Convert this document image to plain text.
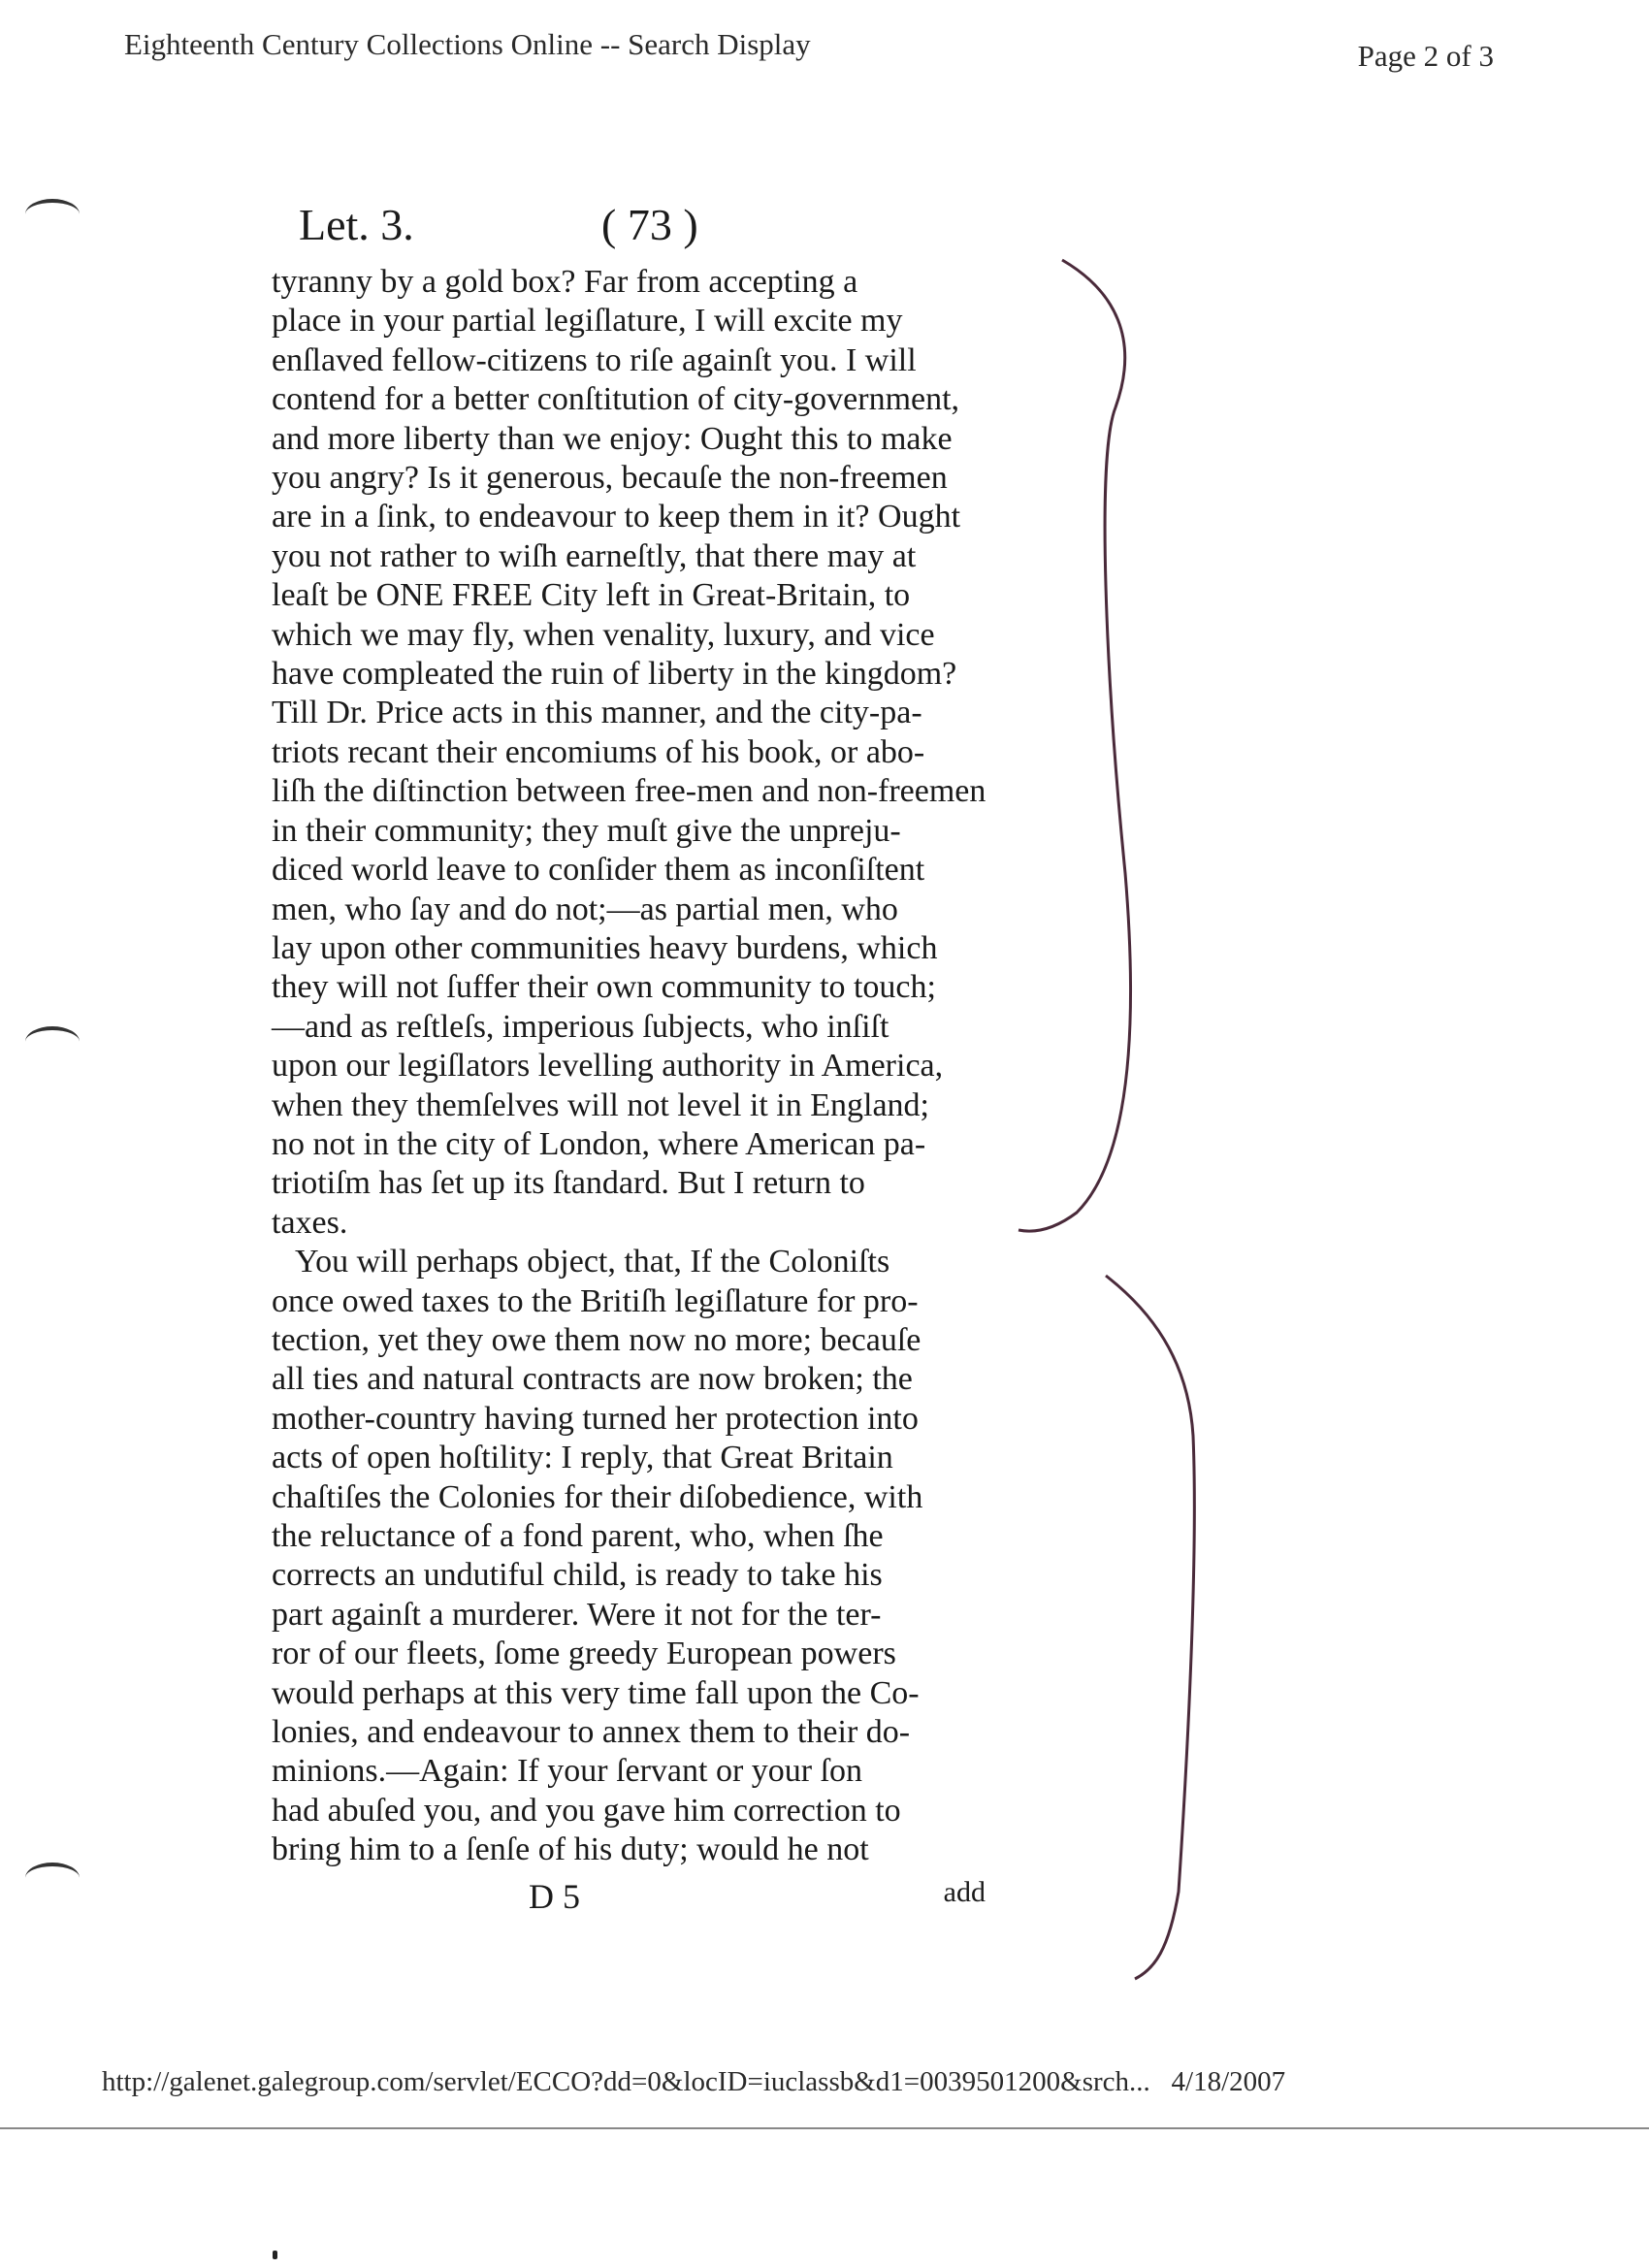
Eighteenth Century Collections Online -- Search Display	Page 2 of 3
Let. 3.	( 73 )
tyranny by a gold box? Far from accepting a
place in your partial legiſlature, I will excite my
enſlaved fellow-citizens to riſe againſt you. I will
contend for a better conſtitution of city-government,
and more liberty than we enjoy: Ought this to make
you angry? Is it generous, becauſe the non-freemen
are in a ſink, to endeavour to keep them in it? Ought
you not rather to wiſh earneſtly, that there may at
leaſt be ONE FREE City left in Great-Britain, to
which we may fly, when venality, luxury, and vice
have compleated the ruin of liberty in the kingdom?
Till Dr. Price acts in this manner, and the city-pa-
triots recant their encomiums of his book, or abo-
liſh the diſtinction between free-men and non-freemen
in their community; they muſt give the unpreju-
diced world leave to conſider them as inconſiſtent
men, who ſay and do not;—as partial men, who
lay upon other communities heavy burdens, which
they will not ſuffer their own community to touch;
—and as reſtleſs, imperious ſubjects, who inſiſt
upon our legiſlators levelling authority in America,
when they themſelves will not level it in England;
no not in the city of London, where American pa-
triotiſm has ſet up its ſtandard. But I return to
taxes.
You will perhaps object, that, If the Coloniſts
once owed taxes to the Britiſh legiſlature for pro-
tection, yet they owe them now no more; becauſe
all ties and natural contracts are now broken; the
mother-country having turned her protection into
acts of open hoſtility: I reply, that Great Britain
chaſtiſes the Colonies for their diſobedience, with
the reluctance of a fond parent, who, when ſhe
corrects an undutiful child, is ready to take his
part againſt a murderer. Were it not for the ter-
ror of our fleets, ſome greedy European powers
would perhaps at this very time fall upon the Co-
lonies, and endeavour to annex them to their do-
minions.—Again: If your ſervant or your ſon
had abuſed you, and you gave him correction to
bring him to a ſenſe of his duty; would he not
D 5	add
http://galenet.galegroup.com/servlet/ECCO?dd=0&locID=iuclassb&d1=0039501200&srch... 4/18/2007
